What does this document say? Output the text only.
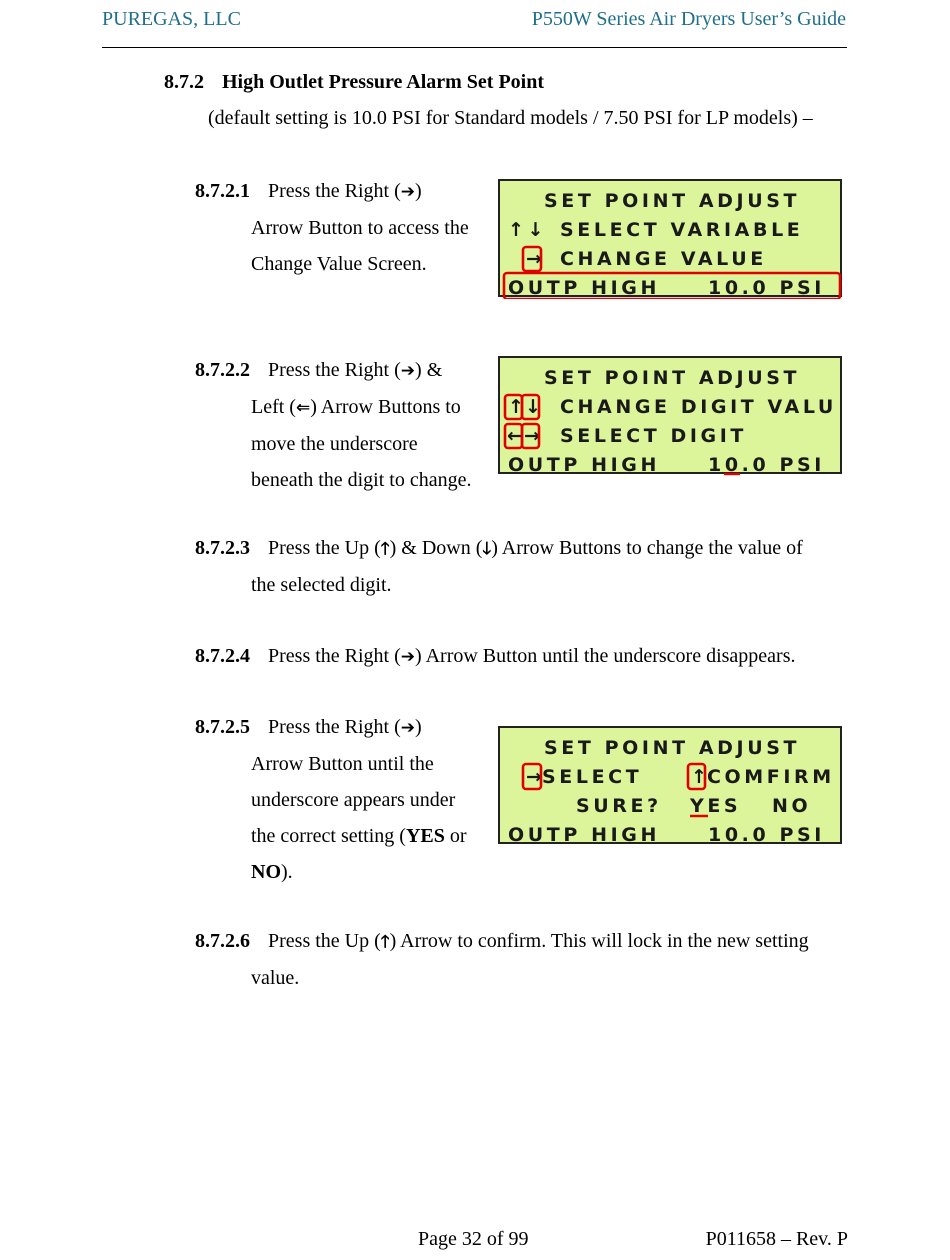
PUREGAS, LLC	P550W Series Air Dryers User’s Guide
8.7.2 High Outlet Pressure Alarm Set Point
(default setting is 10.0 PSI for Standard models / 7.50 PSI for LP models) –
8.7.2.1 Press the Right (➔)
Arrow Button to access the
Change Value Screen.
SET POINT ADJUST
↑↓ SELECT VARIABLE
→ CHANGE VALUE
OUTP HIGH	10.0 PSI
8.7.2.2 Press the Right (➔) &
Left (⇐) Arrow Buttons to
move the underscore
beneath the digit to change.
SET POINT ADJUST
↑
↓ CHANGE DIGIT VALU
←
→ SELECT DIGIT
OUTP HIGH	10.0 PSI
8.7.2.3 Press the Up (🡑) & Down (🡓) Arrow Buttons to change the value of
the selected digit.
8.7.2.4 Press the Right (➔) Arrow Button until the underscore disappears.
8.7.2.5 Press the Right (➔)
Arrow Button until the
underscore appears under
the correct setting (YES or
NO).
SET POINT ADJUST
→
SELECT	↑
COMFIRM
SURE? YES NO
OUTP HIGH	10.0 PSI
8.7.2.6 Press the Up (🡑) Arrow to confirm. This will lock in the new setting
value.
Page 32 of 99	P011658 – Rev. P
